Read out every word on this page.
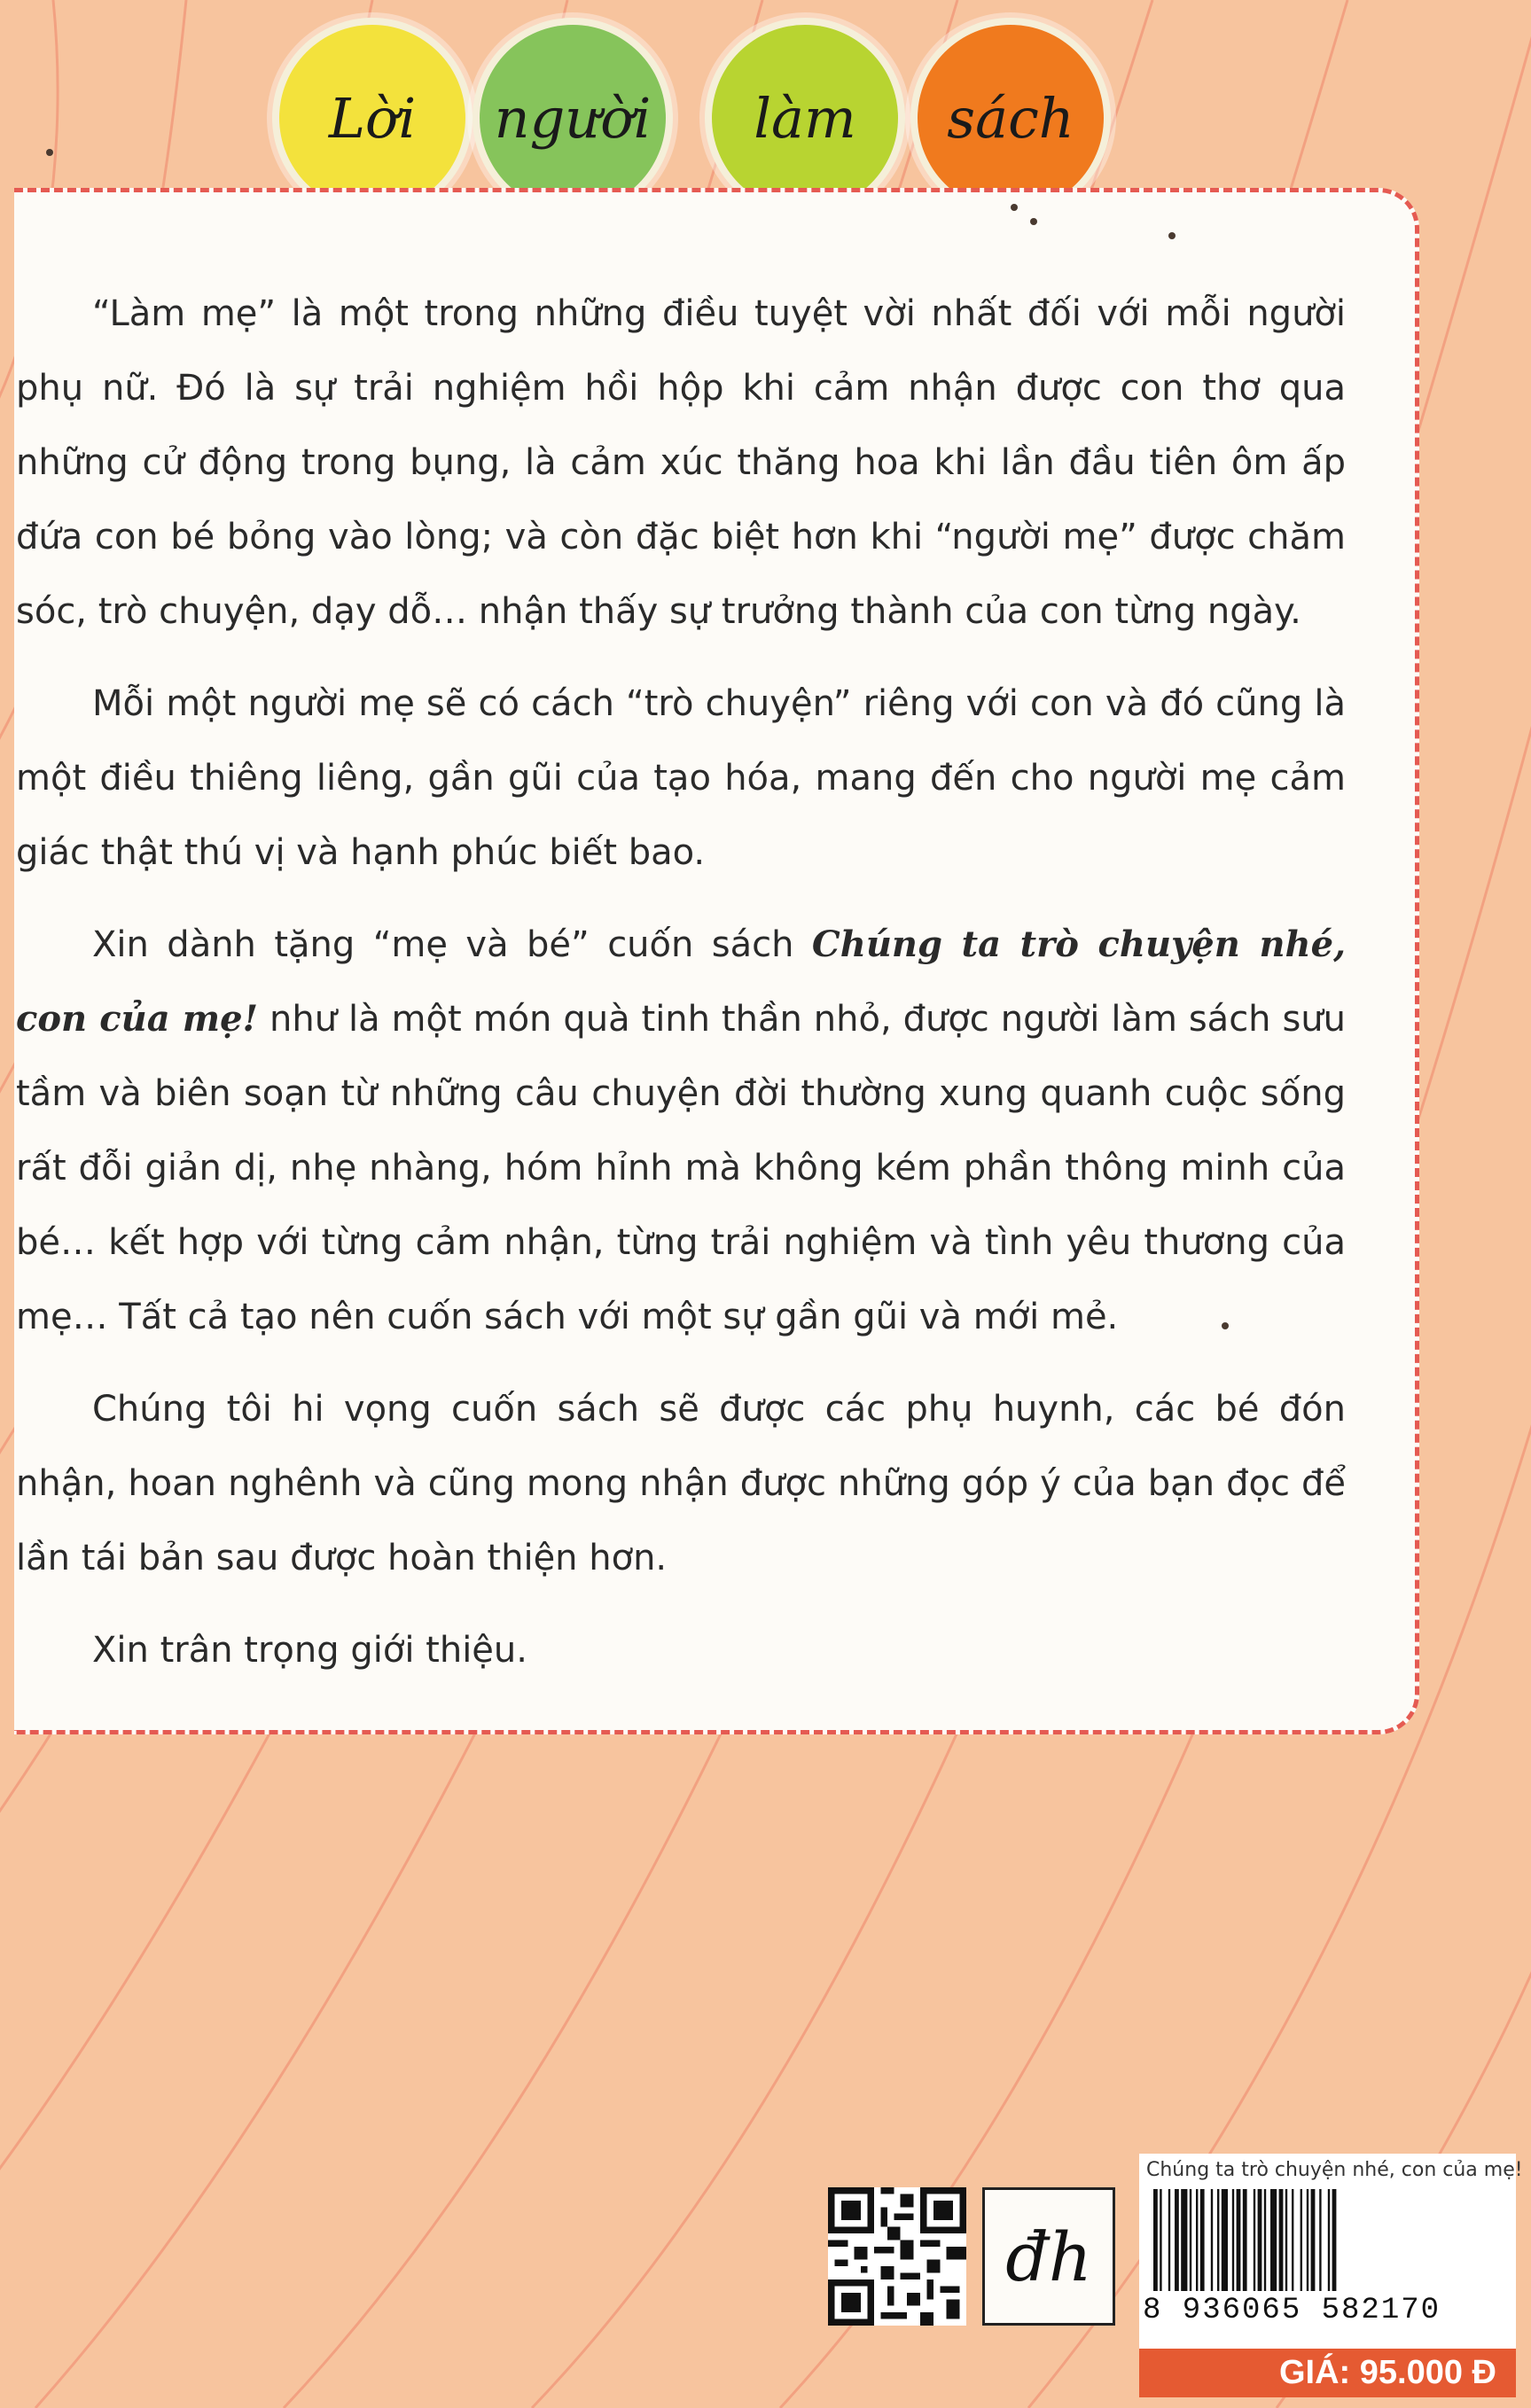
Lời người làm sách

“Làm mẹ” là một trong những điều tuyệt vời nhất đối với mỗi người phụ nữ. Đó là sự trải nghiệm hồi hộp khi cảm nhận được con thơ qua những cử động trong bụng, là cảm xúc thăng hoa khi lần đầu tiên ôm ấp đứa con bé bỏng vào lòng; và còn đặc biệt hơn khi “người mẹ” được chăm sóc, trò chuyện, dạy dỗ… nhận thấy sự trưởng thành của con từng ngày.

Mỗi một người mẹ sẽ có cách “trò chuyện” riêng với con và đó cũng là một điều thiêng liêng, gần gũi của tạo hóa, mang đến cho người mẹ cảm giác thật thú vị và hạnh phúc biết bao.

Xin dành tặng “mẹ và bé” cuốn sách Chúng ta trò chuyện nhé, con của mẹ! như là một món quà tinh thần nhỏ, được người làm sách sưu tầm và biên soạn từ những câu chuyện đời thường xung quanh cuộc sống rất đỗi giản dị, nhẹ nhàng, hóm hỉnh mà không kém phần thông minh của bé… kết hợp với từng cảm nhận, từng trải nghiệm và tình yêu thương của mẹ… Tất cả tạo nên cuốn sách với một sự gần gũi và mới mẻ.

Chúng tôi hi vọng cuốn sách sẽ được các phụ huynh, các bé đón nhận, hoan nghênh và cũng mong nhận được những góp ý của bạn đọc để lần tái bản sau được hoàn thiện hơn.

Xin trân trọng giới thiệu.

đh
Chúng ta trò chuyện nhé, con của mẹ!
8 936065 582170
GIÁ: 95.000 Đ
